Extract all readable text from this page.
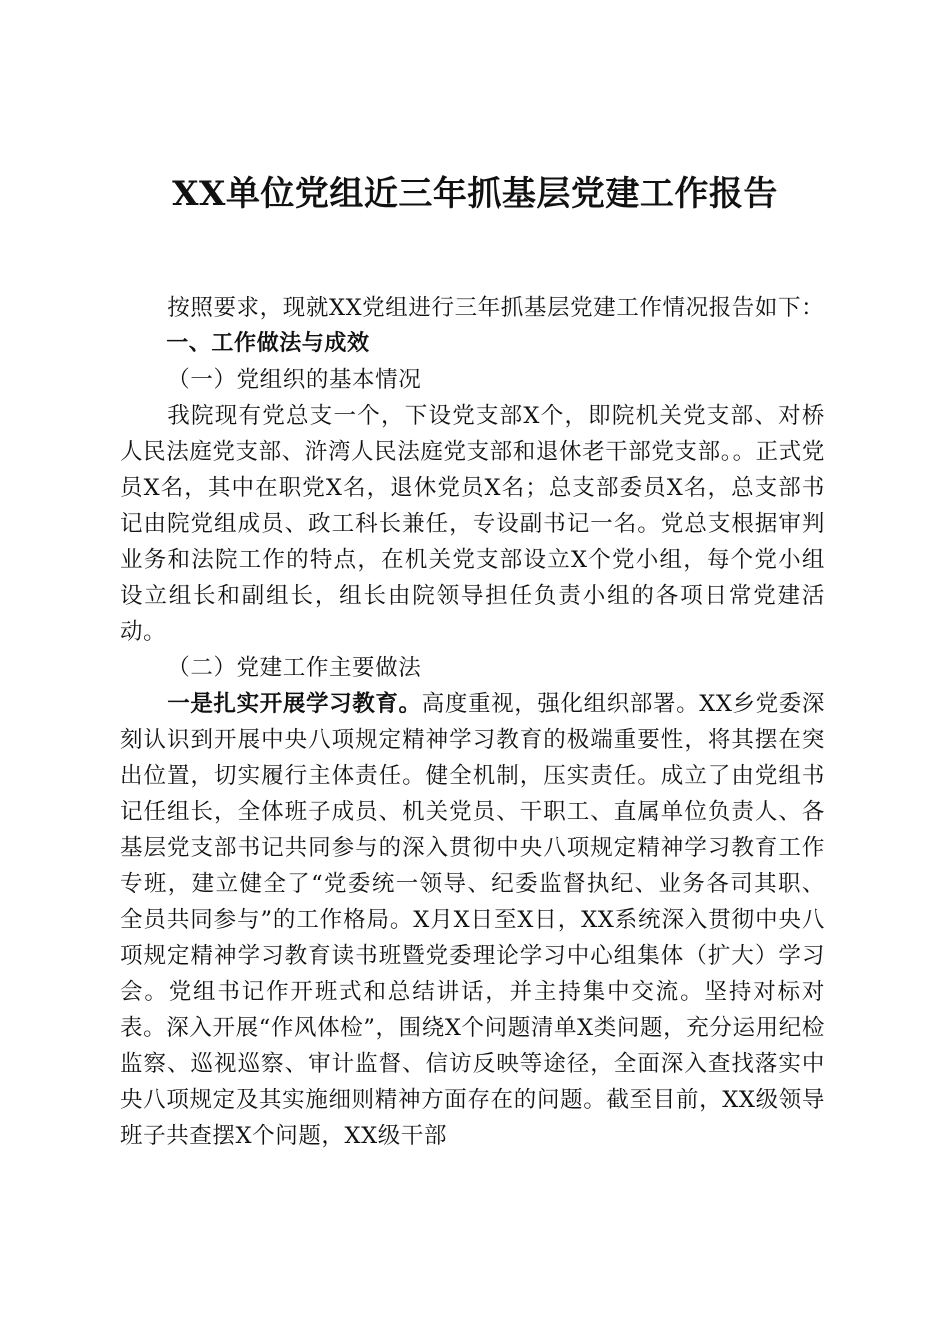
XX单位党组近三年抓基层党建工作报告

按照要求，现就XX党组进行三年抓基层党建工作情况报告如下：

一、工作做法与成效

（一）党组织的基本情况

我院现有党总支一个，下设党支部X个，即院机关党支部、对桥人民法庭党支部、浒湾人民法庭党支部和退休老干部党支部。。正式党员X名，其中在职党X名，退休党员X名；总支部委员X名，总支部书记由院党组成员、政工科长兼任，专设副书记一名。党总支根据审判业务和法院工作的特点，在机关党支部设立X个党小组，每个党小组设立组长和副组长，组长由院领导担任负责小组的各项日常党建活动。

（二）党建工作主要做法

一是扎实开展学习教育。高度重视，强化组织部署。XX乡党委深刻认识到开展中央八项规定精神学习教育的极端重要性，将其摆在突出位置，切实履行主体责任。健全机制，压实责任。成立了由党组书记任组长，全体班子成员、机关党员、干职工、直属单位负责人、各基层党支部书记共同参与的深入贯彻中央八项规定精神学习教育工作专班，建立健全了“党委统一领导、纪委监督执纪、业务各司其职、全员共同参与”的工作格局。X月X日至X日，XX系统深入贯彻中央八项规定精神学习教育读书班暨党委理论学习中心组集体（扩大）学习会。党组书记作开班式和总结讲话，并主持集中交流。坚持对标对表。深入开展“作风体检”，围绕X个问题清单X类问题，充分运用纪检监察、巡视巡察、审计监督、信访反映等途径，全面深入查找落实中央八项规定及其实施细则精神方面存在的问题。截至目前，XX级领导班子共查摆X个问题，XX级干部
